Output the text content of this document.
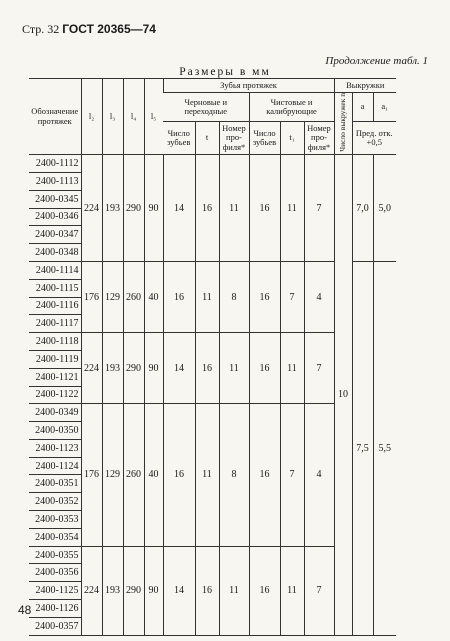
Стр. 32 ГОСТ 20365—74
Продолжение табл. 1
Размеры в мм
Обозначение протяжек	l₂	l₃	l₄	l₅	Зубья протяжек						Выкружки		
					Черновые и переходные			Чистовые и калибрующие			Число выкружек n	a	a₁
					Число зубьев	t	Номер про- филя*	Число зубьев	t₁	Номер про- филя*		Пред. отк. +0,5	
2400-1112	224	193	290	90	14	16	11	16	11	7	10	7,0	5,0
2400-1113													
2400-0345													
2400-0346													
2400-0347													
2400-0348													
2400-1114	176	129	260	40	16	11	8	16	7	4		7,5	5,5
2400-1115													
2400-1116													
2400-1117													
2400-1118	224	193	290	90	14	16	11	16	11	7			
2400-1119													
2400-1121													
2400-1122													
2400-0349	176	129	260	40	16	11	8	16	7	4			
2400-0350													
2400-1123													
2400-1124													
2400-0351													
2400-0352													
2400-0353													
2400-0354													
2400-0355	224	193	290	90	14	16	11	16	11	7			
2400-0356													
2400-1125													
2400-1126													
2400-0357													
48
